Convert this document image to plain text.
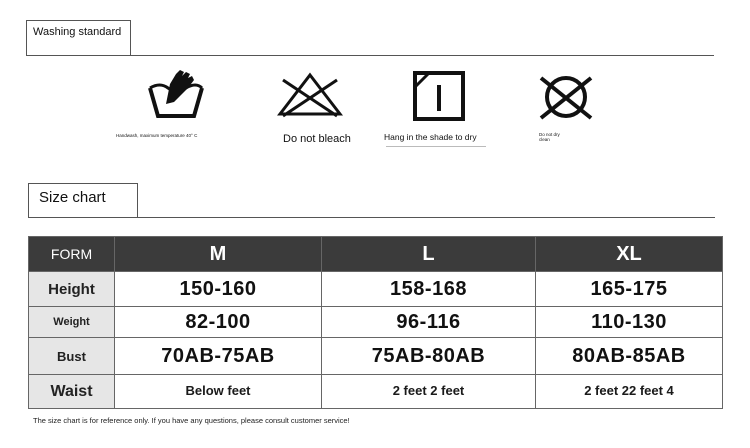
Washing standard
Handwash, maximum temperature 40° C	Do not bleach	Hang in the shade to dry	Do not dry clean
Size chart
FORM	M	L	XL
Height	150-160	158-168	165-175
Weight	82-100	96-116	110-130
Bust	70AB-75AB	75AB-80AB	80AB-85AB
Waist	Below feet	2 feet 2 feet	2 feet 22 feet 4
The size chart is for reference only. If you have any questions, please consult customer service!
